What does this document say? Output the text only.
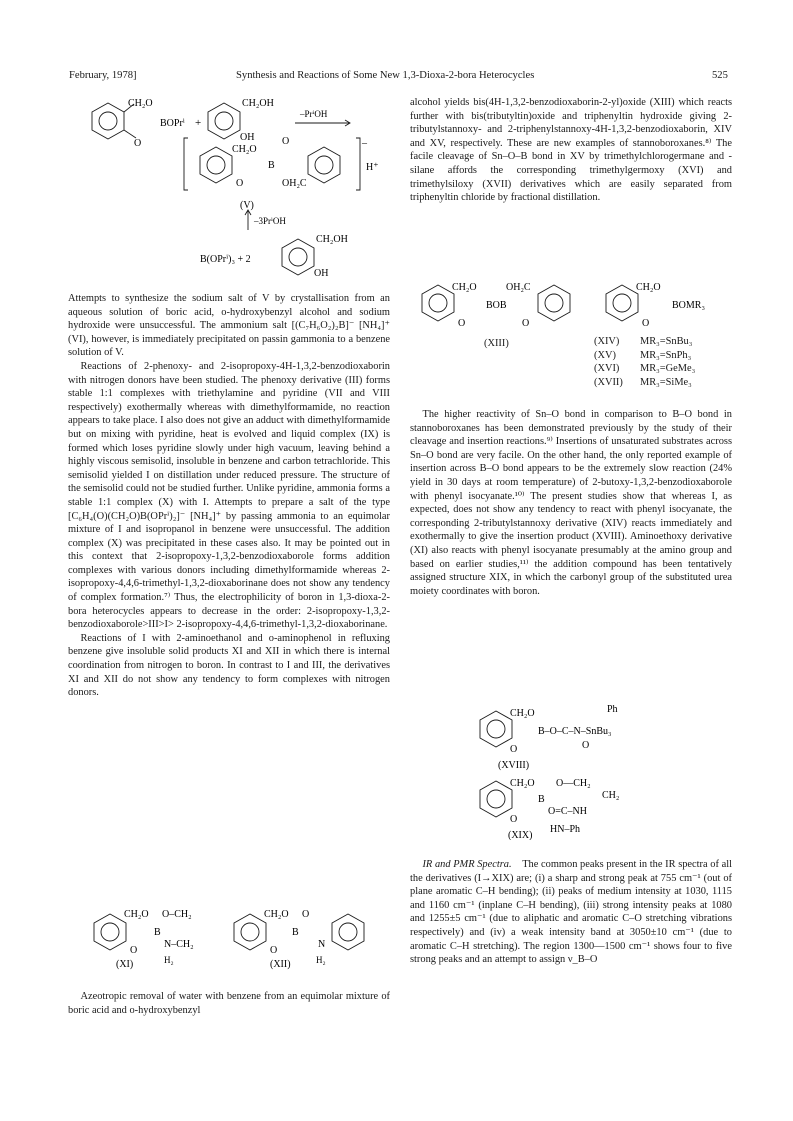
February, 1978]	Synthesis and Reactions of Some New 1,3-Dioxa-2-bora Heterocycles	525
CH₂O
BOPrⁱ
O
+
CH₂OH
OH
–PrⁱOH
CH₂O
O
B
O	OH₂C
–
H⁺
(V)
–3PrⁱOH
B(OPrⁱ)₃ + 2
CH₂OH
OH

Attempts to synthesize the sodium salt of V by crystallisation from an aqueous solution of boric acid, o-hydroxybenzyl alcohol and sodium hydroxide were unsuccessful. The ammonium salt [(C₇H₆O₂)₂B]⁻ [NH₄]⁺ (VI), however, is immediately precipitated on passin gammonia to a benzene solution of V.

Reactions of 2-phenoxy- and 2-isopropoxy-4H-1,3,2-benzodioxaborin with nitrogen donors have been studied. The phenoxy derivative (III) forms stable 1:1 complexes with triethylamine and pyridine (VII and VIII respectively) exothermally whereas with dimethylformamide, no reaction appears to take place. I also does not give an adduct with dimethylformamide but on mixing with pyridine, heat is evolved and liquid complex (IX) is formed which loses pyridine slowly under high vacuum, leaving behind a highly viscous semisolid, insoluble in benzene and carbon tetrachloride. This semisolid yielded I on distillation under reduced pressure. The structure of the semisolid could not be studied further. Unlike pyridine, ammonia forms a stable 1:1 complex (X) with I. Attempts to prepare a salt of the type [C₆H₄(O)(CH₂O)B(OPrⁱ)₂]⁻ [NH₄]⁺ by passing ammonia to an equimolar mixture of I and isopropanol in benzene were unsuccessful. The addition complex (X) was precipitated in these cases also. It may be pointed out in this context that 2-isopropoxy-1,3,2-benzodioxaborole forms addition complexes with various donors including dimethylformamide whereas 2-isopropoxy-4,4,6-trimethyl-1,3,2-dioxaborinane does not show any tendency of complex formation.⁷⁾ Thus, the electrophilicity of boron in 1,3-dioxa-2-bora heterocycles appears to decrease in the order: 2-isopropoxy-1,3,2-benzodioxaborole>III>I> 2-isopropoxy-4,4,6-trimethyl-1,3,2-dioxaborinane.

Reactions of I with 2-aminoethanol and o-aminophenol in refluxing benzene give insoluble solid products XI and XII in which there is internal coordination from nitrogen to boron. In contrast to I and III, the derivatives XI and XII do not show any tendency to form complexes with nitrogen donors.

CH₂O O–CH₂
B
N–CH₂
O
H₂
(XI)
CH₂O O
B
N
O
H₂
(XII)

Azeotropic removal of water with benzene from an equimolar mixture of boric acid and o-hydroxybenzyl

alcohol yields bis(4H-1,3,2-benzodioxaborin-2-yl)oxide (XIII) which reacts further with bis(tributyltin)oxide and triphenyltin hydroxide giving 2-tributylstannoxy- and 2-triphenylstannoxy-4H-1,3,2-benzodioxaborin, XIV and XV, respectively. These are new examples of stannoboroxanes.⁸⁾ The facile cleavage of Sn–O–B bond in XV by trimethylchlorogermane and -silane affords the corresponding trimethylgermoxy (XVI) and trimethylsiloxy (XVII) derivatives which are easily separated from triphenyltin chloride by fractional distillation.

CH₂O	OH₂C
BOB
O	O
CH₂O
BOMR₃
O
(XIII)	(XIV) MR₃=SnBu₃
(XV) MR₃=SnPh₃
(XVI) MR₃=GeMe₃
(XVII) MR₃=SiMe₃

The higher reactivity of Sn–O bond in comparison to B–O bond in stannoboroxanes has been demonstrated previously by the study of their cleavage and insertion reactions.⁹⁾ Insertions of unsaturated substrates across Sn–O bond are very facile. On the other hand, the only reported example of insertion across B–O bond appears to be the extremely slow reaction (24% yield in 30 days at room temperature) of 2-butoxy-1,3,2-benzodioxaborole with phenyl isocyanate.¹⁰⁾ The present studies show that whereas I, as expected, does not show any tendency to react with phenyl isocyanate, the corresponding 2-tributylstannoxy derivative (XIV) reacts immediately and exothermally to give the insertion product (XVIII). Aminoethoxy derivative (XI) also reacts with phenyl isocyanate presumably at the amino group and based on earlier studies,¹¹⁾ the addition compound has been tentatively assigned structure XIX, in which the carbonyl group of the substituted urea moiety coordinates with boron.

Ph
CH₂O
B–O–C–N–SnBu₃
O	O
(XVIII)
CH₂O O—CH₂
B	CH₂
O=C–NH
O
HN–Ph
(XIX)

IR and PMR Spectra. The common peaks present in the IR spectra of all the derivatives (I→XIX) are; (i) a sharp and strong peak at 755 cm⁻¹ (out of plane aromatic C–H bending); (ii) peaks of medium intensity at 1030, 1115 and 1160 cm⁻¹ (inplane C–H bending), (iii) strong intensity peaks at 1080 and 1255±5 cm⁻¹ (due to aliphatic and aromatic C–O stretching vibrations respectively) and (iv) a weak intensity band at 3050±10 cm⁻¹ (due to aromatic C–H stretching). The region 1300—1500 cm⁻¹ shows four to five strong peaks and an attempt to assign ν_B–O
